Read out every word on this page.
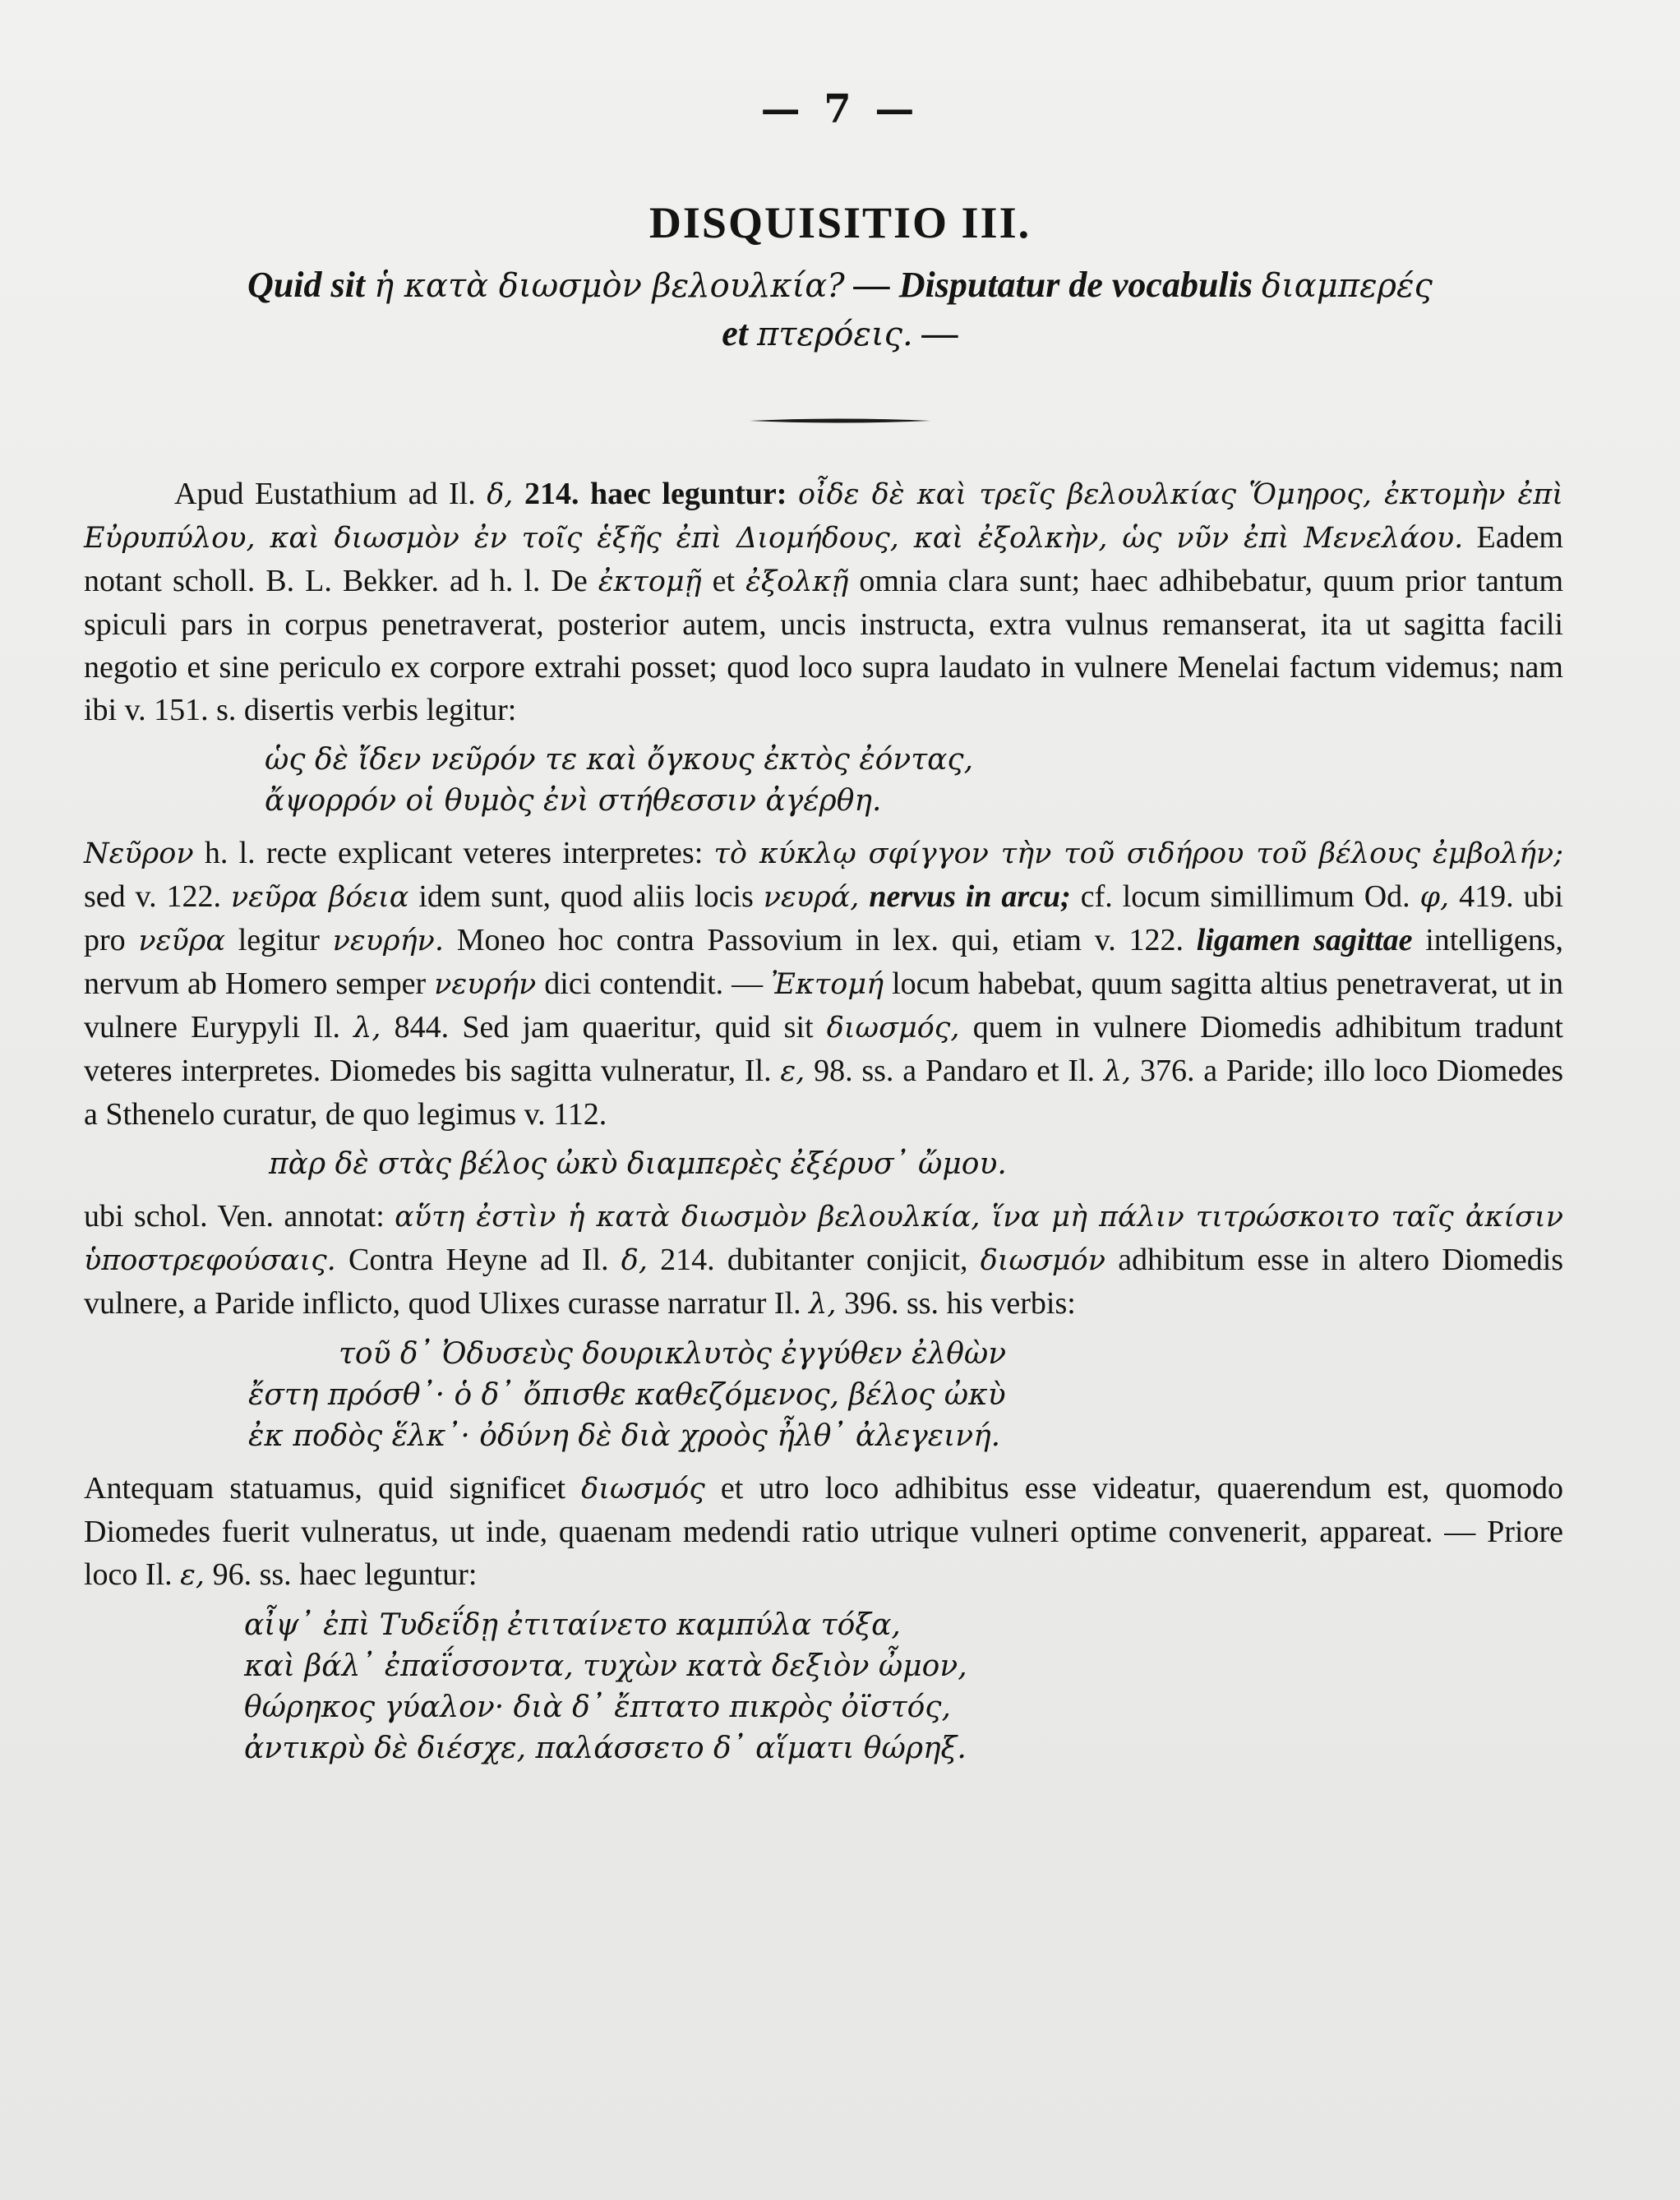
— 7 —
DISQUISITIO III.
Quid sit ἡ κατὰ διωσμὸν βελουλκία? — Disputatur de vocabulis διαμπερές
et πτερόεις. —

Apud Eustathium ad Il. δ, 214. haec leguntur: οἶδε δὲ καὶ τρεῖς βελουλκίας Ὅμηρος, ἐκτομὴν ἐπὶ Εὐρυπύλου, καὶ διωσμὸν ἐν τοῖς ἑξῆς ἐπὶ Διομήδους, καὶ ἐξολκὴν, ὡς νῦν ἐπὶ Μενελάου. Eadem notant scholl. B. L. Bekker. ad h. l. De ἐκτομῇ et ἐξολκῇ omnia clara sunt; haec adhibebatur, quum prior tantum spiculi pars in corpus penetraverat, posterior autem, uncis instructa, extra vulnus remanserat, ita ut sagitta facili negotio et sine periculo ex corpore extrahi posset; quod loco supra laudato in vulnere Menelai factum videmus; nam ibi v. 151. s. disertis verbis legitur:

ὡς δὲ ἴδεν νεῦρόν τε καὶ ὄγκους ἐκτὸς ἐόντας,
ἄψορρόν οἱ θυμὸς ἐνὶ στήθεσσιν ἀγέρθη.

Νεῦρον h. l. recte explicant veteres interpretes: τὸ κύκλῳ σφίγγον τὴν τοῦ σιδήρου τοῦ βέλους ἐμβολήν; sed v. 122. νεῦρα βόεια idem sunt, quod aliis locis νευρά, nervus in arcu; cf. locum simillimum Od. φ, 419. ubi pro νεῦρα legitur νευρήν. Moneo hoc contra Passovium in lex. qui, etiam v. 122. ligamen sagittae intelligens, nervum ab Homero semper νευρήν dici contendit. — Ἐκτομή locum habebat, quum sagitta altius penetraverat, ut in vulnere Eurypyli Il. λ, 844. Sed jam quaeritur, quid sit διωσμός, quem in vulnere Diomedis adhibitum tradunt veteres interpretes. Diomedes bis sagitta vulneratur, Il. ε, 98. ss. a Pandaro et Il. λ, 376. a Paride; illo loco Diomedes a Sthenelo curatur, de quo legimus v. 112.

πὰρ δὲ στὰς βέλος ὠκὺ διαμπερὲς ἐξέρυσ᾽ ὤμου.

ubi schol. Ven. annotat: αὕτη ἐστὶν ἡ κατὰ διωσμὸν βελουλκία, ἵνα μὴ πάλιν τιτρώσκοιτο ταῖς ἀκίσιν ὑποστρεφούσαις. Contra Heyne ad Il. δ, 214. dubitanter conjicit, διωσμόν adhibitum esse in altero Diomedis vulnere, a Paride inflicto, quod Ulixes curasse narratur Il. λ, 396. ss. his verbis:

τοῦ δ᾽ Ὀδυσεὺς δουρικλυτὸς ἐγγύθεν ἐλθὼν
ἔστη πρόσθ᾽· ὁ δ᾽ ὄπισθε καθεζόμενος, βέλος ὠκὺ
ἐκ ποδὸς ἕλκ᾽· ὀδύνη δὲ διὰ χροὸς ἦλθ᾽ ἀλεγεινή.

Antequam statuamus, quid significet διωσμός et utro loco adhibitus esse videatur, quaerendum est, quomodo Diomedes fuerit vulneratus, ut inde, quaenam medendi ratio utrique vulneri optime convenerit, appareat. — Priore loco Il. ε, 96. ss. haec leguntur:

αἶψ᾽ ἐπὶ Τυδεΐδῃ ἐτιταίνετο καμπύλα τόξα,
καὶ βάλ᾽ ἐπαΐσσοντα, τυχὼν κατὰ δεξιὸν ὦμον,
θώρηκος γύαλον· διὰ δ᾽ ἔπτατο πικρὸς ὀϊστός,
ἀντικρὺ δὲ διέσχε, παλάσσετο δ᾽ αἵματι θώρηξ.
